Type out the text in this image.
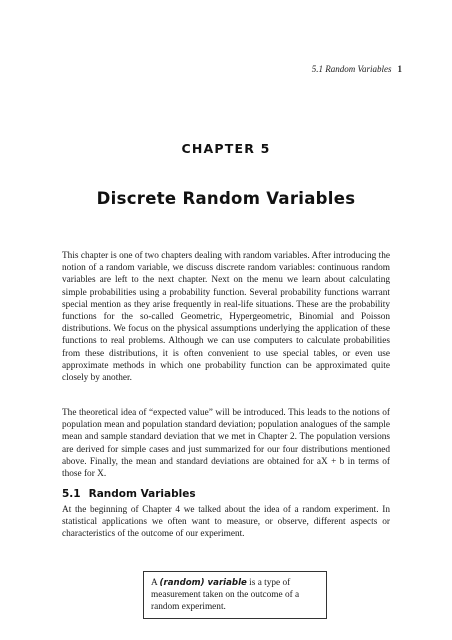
5.1 Random Variables 1
CHAPTER 5
Discrete Random Variables
This chapter is one of two chapters dealing with random variables. After introducing the notion of a random variable, we discuss discrete random variables: continuous random variables are left to the next chapter. Next on the menu we learn about calculating simple probabilities using a probability function. Several probability functions warrant special mention as they arise frequently in real-life situations. These are the probability functions for the so-called Geometric, Hypergeometric, Binomial and Poisson distributions. We focus on the physical assumptions underlying the application of these functions to real problems. Although we can use computers to calculate probabilities from these distributions, it is often convenient to use special tables, or even use approximate methods in which one probability function can be approximated quite closely by another.
The theoretical idea of “expected value” will be introduced. This leads to the notions of population mean and population standard deviation; population analogues of the sample mean and sample standard deviation that we met in Chapter 2. The population versions are derived for simple cases and just summarized for our four distributions mentioned above. Finally, the mean and standard deviations are obtained for aX + b in terms of those for X.
5.1 Random Variables
At the beginning of Chapter 4 we talked about the idea of a random experiment. In statistical applications we often want to measure, or observe, different aspects or characteristics of the outcome of our experiment.
A (random) variable is a type of measurement taken on the outcome of a random experiment.
